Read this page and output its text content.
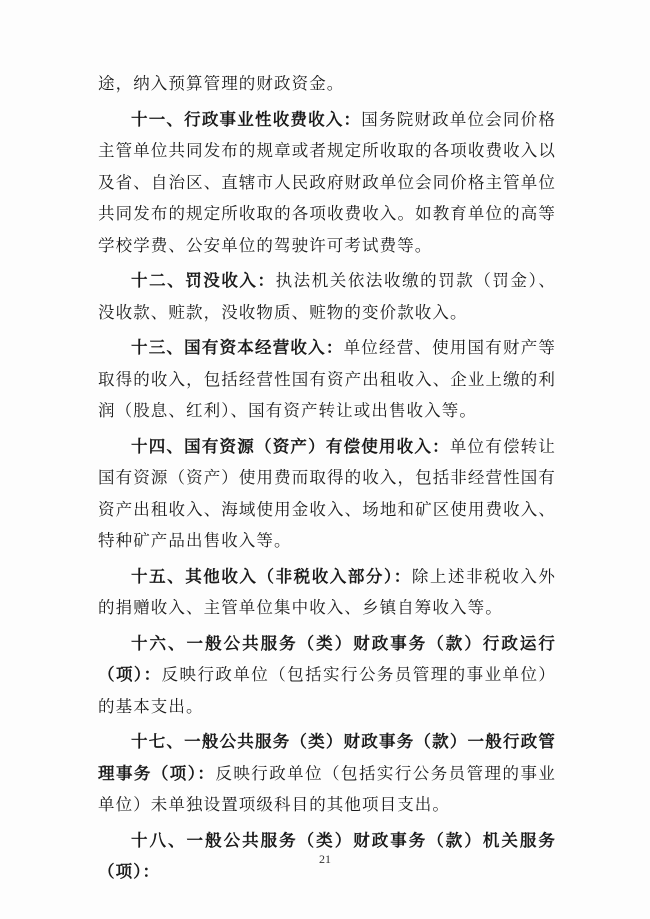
途，纳入预算管理的财政资金。

十一、行政事业性收费收入：国务院财政单位会同价格主管单位共同发布的规章或者规定所收取的各项收费收入以及省、自治区、直辖市人民政府财政单位会同价格主管单位共同发布的规定所收取的各项收费收入。如教育单位的高等学校学费、公安单位的驾驶许可考试费等。

十二、罚没收入：执法机关依法收缴的罚款（罚金）、没收款、赃款，没收物质、赃物的变价款收入。

十三、国有资本经营收入：单位经营、使用国有财产等取得的收入，包括经营性国有资产出租收入、企业上缴的利润（股息、红利）、国有资产转让或出售收入等。

十四、国有资源（资产）有偿使用收入：单位有偿转让国有资源（资产）使用费而取得的收入，包括非经营性国有资产出租收入、海域使用金收入、场地和矿区使用费收入、特种矿产品出售收入等。

十五、其他收入（非税收入部分）：除上述非税收入外的捐赠收入、主管单位集中收入、乡镇自筹收入等。

十六、一般公共服务（类）财政事务（款）行政运行（项）：反映行政单位（包括实行公务员管理的事业单位）的基本支出。

十七、一般公共服务（类）财政事务（款）一般行政管理事务（项）：反映行政单位（包括实行公务员管理的事业单位）未单独设置项级科目的其他项目支出。

十八、一般公共服务（类）财政事务（款）机关服务（项）：

21
